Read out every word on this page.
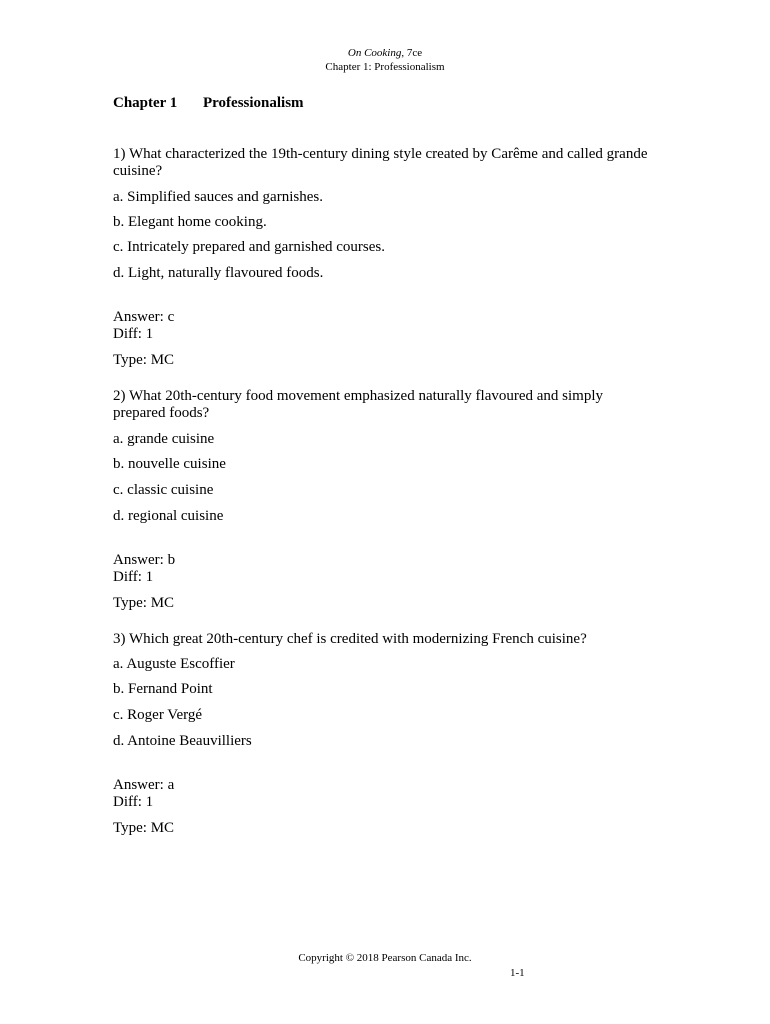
On Cooking, 7ce
Chapter 1: Professionalism
Chapter 1 Professionalism

1) What characterized the 19th-century dining style created by Carême and called grande cuisine?

a. Simplified sauces and garnishes.

b. Elegant home cooking.

c. Intricately prepared and garnished courses.

d. Light, naturally flavoured foods.

Answer: c

Diff: 1

Type: MC

2) What 20th-century food movement emphasized naturally flavoured and simply prepared foods?

a. grande cuisine

b. nouvelle cuisine

c. classic cuisine

d. regional cuisine

Answer: b

Diff: 1

Type: MC

3) Which great 20th-century chef is credited with modernizing French cuisine?

a. Auguste Escoffier

b. Fernand Point

c. Roger Vergé

d. Antoine Beauvilliers

Answer: a

Diff: 1

Type: MC

Copyright © 2018 Pearson Canada Inc.
1-1
